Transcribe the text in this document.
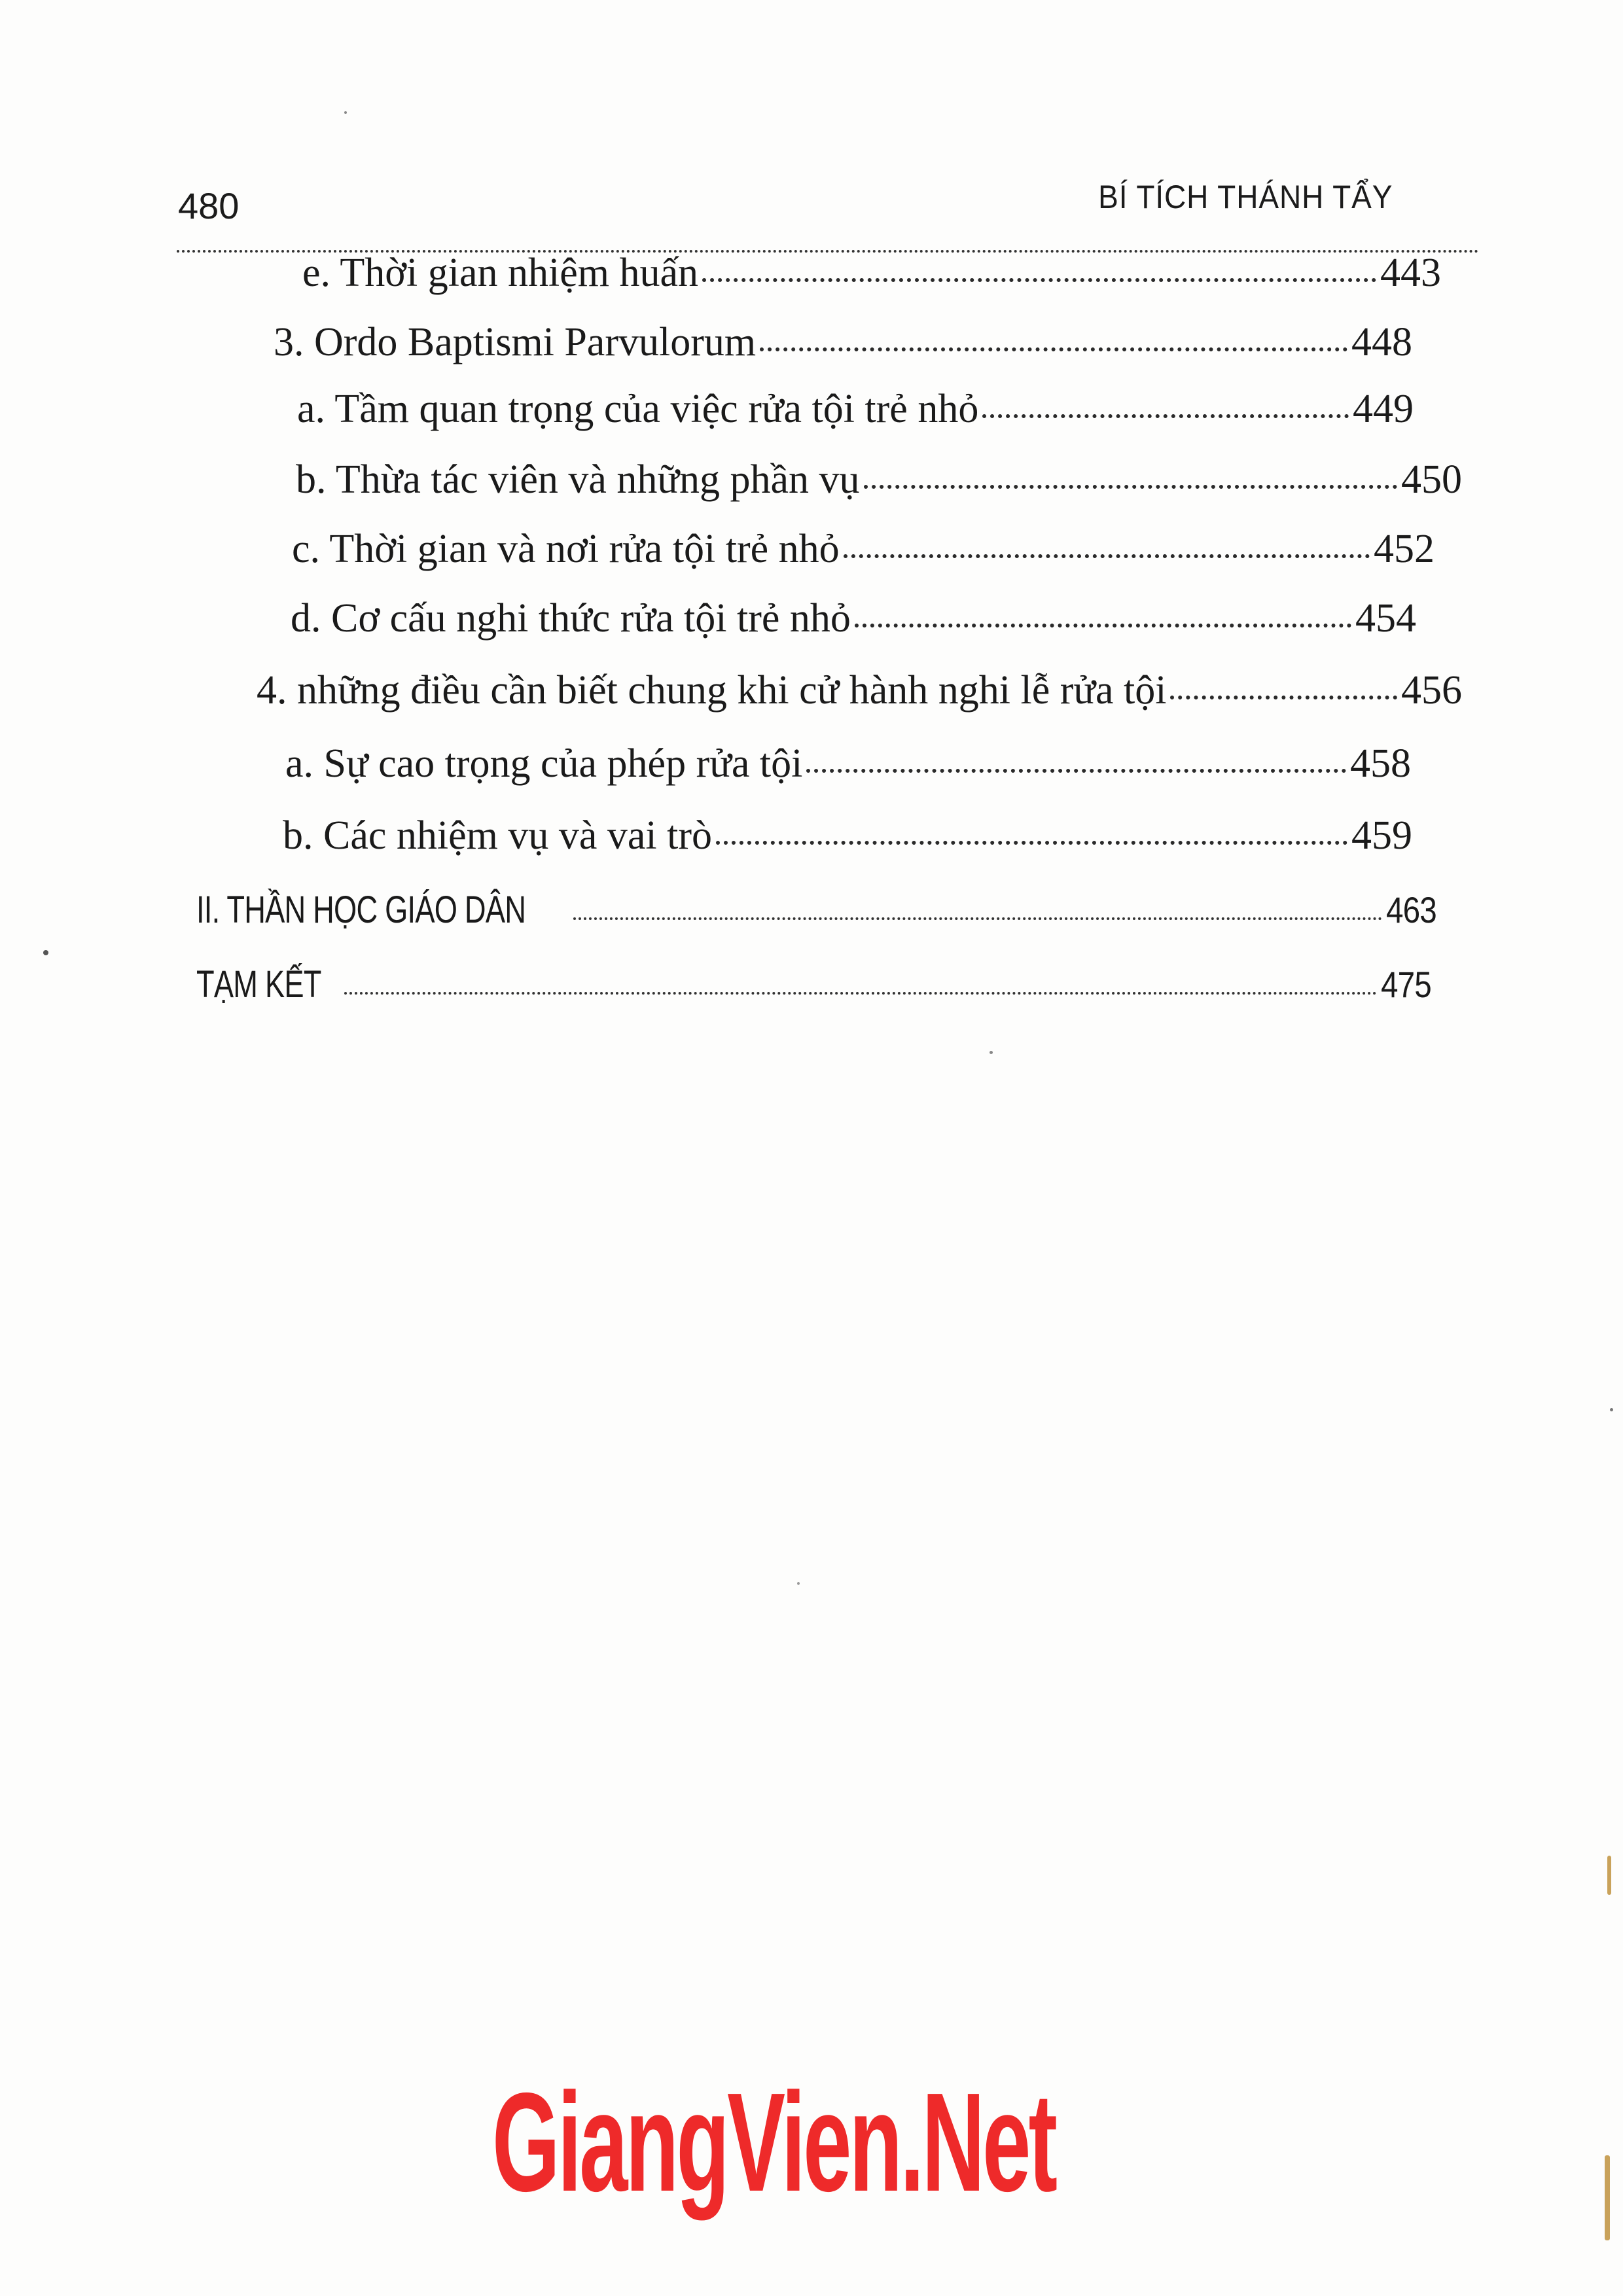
480	BÍ TÍCH THÁNH TẨY
e. Thời gian nhiệm huấn	443
3. Ordo Baptismi Parvulorum	448
a. Tầm quan trọng của việc rửa tội trẻ nhỏ	449
b. Thừa tác viên và những phần vụ	450
c. Thời gian và nơi rửa tội trẻ nhỏ	452
d. Cơ cấu nghi thức rửa tội trẻ nhỏ	454
4. những điều cần biết chung khi cử hành nghi lễ rửa tội	456
a. Sự cao trọng của phép rửa tội	458
b. Các nhiệm vụ và vai trò	459
II. THẦN HỌC GIÁO DÂN	463
TẠM KẾT	475
GiangVien.Net
